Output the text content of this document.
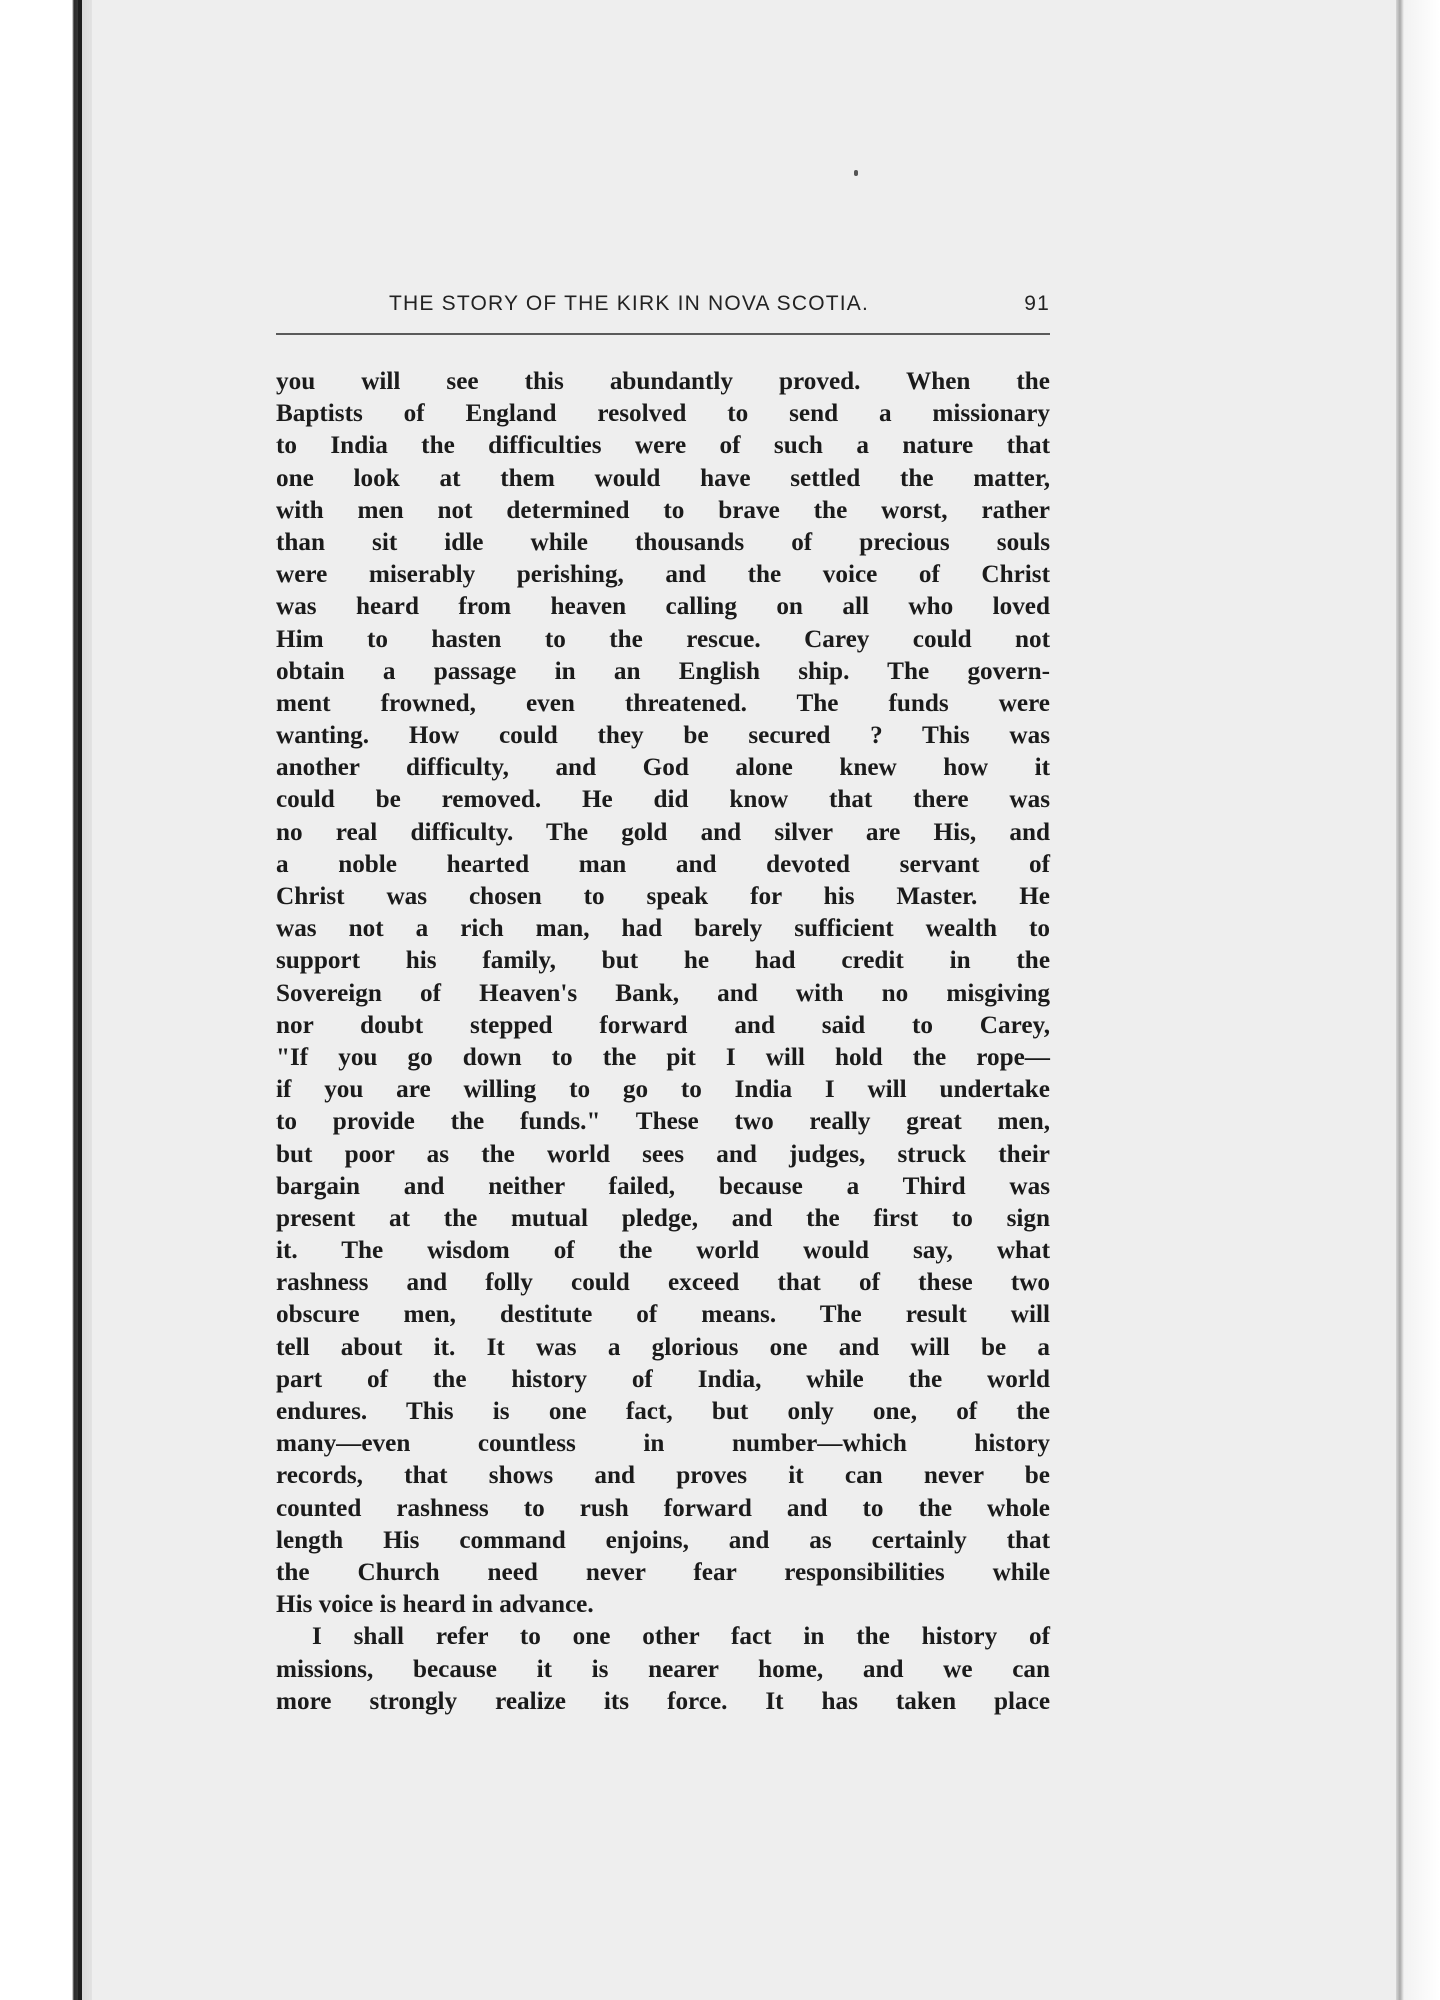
THE STORY OF THE KIRK IN NOVA SCOTIA.	91
you will see this abundantly proved. When the
Baptists of England resolved to send a missionary
to India the difficulties were of such a nature that
one look at them would have settled the matter,
with men not determined to brave the worst, rather
than sit idle while thousands of precious souls
were miserably perishing, and the voice of Christ
was heard from heaven calling on all who loved
Him to hasten to the rescue. Carey could not
obtain a passage in an English ship. The govern-
ment frowned, even threatened. The funds were
wanting. How could they be secured ? This was
another difficulty, and God alone knew how it
could be removed. He did know that there was
no real difficulty. The gold and silver are His, and
a noble hearted man and devoted servant of
Christ was chosen to speak for his Master. He
was not a rich man, had barely sufficient wealth to
support his family, but he had credit in the
Sovereign of Heaven's Bank, and with no misgiving
nor doubt stepped forward and said to Carey,
"If you go down to the pit I will hold the rope—
if you are willing to go to India I will undertake
to provide the funds." These two really great men,
but poor as the world sees and judges, struck their
bargain and neither failed, because a Third was
present at the mutual pledge, and the first to sign
it. The wisdom of the world would say, what
rashness and folly could exceed that of these two
obscure men, destitute of means. The result will
tell about it. It was a glorious one and will be a
part of the history of India, while the world
endures. This is one fact, but only one, of the
many—even countless in number—which history
records, that shows and proves it can never be
counted rashness to rush forward and to the whole
length His command enjoins, and as certainly that
the Church need never fear responsibilities while
His voice is heard in advance.
I shall refer to one other fact in the history of
missions, because it is nearer home, and we can
more strongly realize its force. It has taken place
